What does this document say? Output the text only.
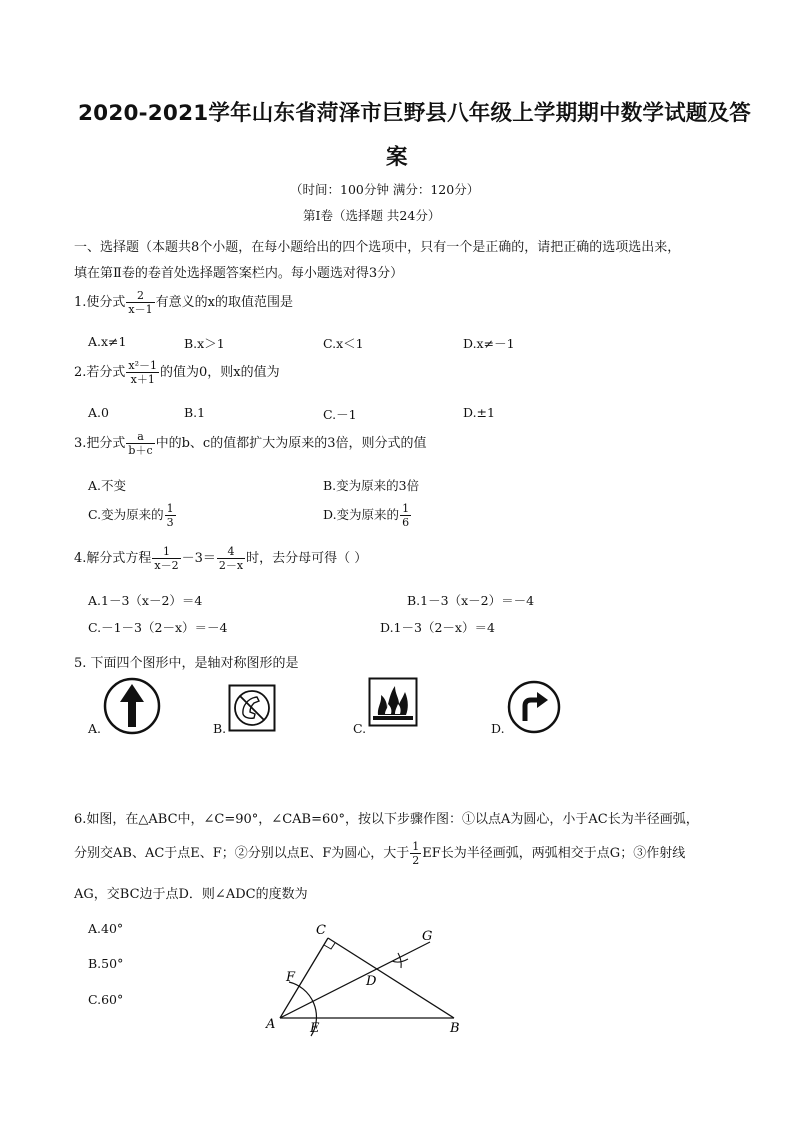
2020-2021学年山东省菏泽市巨野县八年级上学期期中数学试题及答
案
（时间：100分钟 满分：120分）
第Ⅰ卷（选择题 共24分）
一、选择题（本题共8个小题，在每小题给出的四个选项中，只有一个是正确的，请把正确的选项选出来，
填在第Ⅱ卷的卷首处选择题答案栏内。每小题选对得3分）
1.使分式 $\frac{2}{x-1}$ 有意义的x的取值范围是
A.x≠1	B.x＞1	C.x＜1	D.x≠－1
2.若分式 $\frac{\text{x²－1}}{x+1}$ 的值为0，则x的值为
A.0	B.1	C.－1	D.±1
3.把分式 $\frac{a}{b+c}$ 中的b、c的值都扩大为原来的3倍，则分式的值
A.不变	B.变为原来的3倍
C.变为原来的 $\frac{1}{3}$	D.变为原来的 $\frac{1}{6}$
4.解分式方程 $\frac{1}{x-2} -3= \frac{4}{2-x}$ 时，去分母可得（ ）
A.1－3（x－2）＝4	B.1－3（x－2）＝－4
C.－1－3（2－x）＝－4	D.1－3（2－x）＝4
5. 下面四个图形中，是轴对称图形的是
A.	B.	C.	D.
6.如图，在△ABC中，∠C=90°，∠CAB=60°，按以下步骤作图：①以点A为圆心，小于AC长为半径画弧，
分别交AB、AC于点E、F；②分别以点E、F为圆心，大于 $\frac{1}{2}$ EF长为半径画弧，两弧相交于点G；③作射线
AG，交BC边于点D．则∠ADC的度数为
A.40°
B.50°
C.60°
C	G
F	D
A	E	B
